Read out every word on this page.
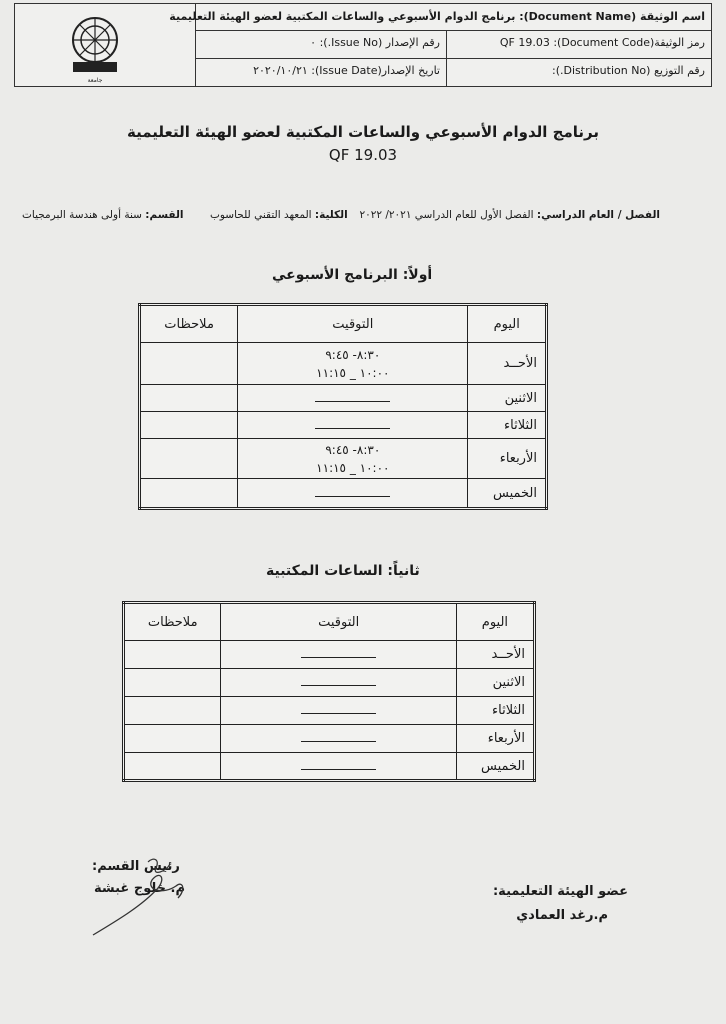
جامعة
اسم الوثيقة (Document Name): برنامج الدوام الأسبوعي والساعات المكتبية لعضو الهيئة التعليمية
رمز الوثيقة(Document Code): QF 19.03
رقم الإصدار (Issue No.): ٠
رقم التوزيع (Distribution No.):
تاريخ الإصدار(Issue Date): ٢٠٢٠/١٠/٢١
برنامج الدوام الأسبوعي والساعات المكتبية لعضو الهيئة التعليمية
QF 19.03
الفصل / العام الدراسي: الفصل الأول للعام الدراسي ٢٠٢١/ ٢٠٢٢
الكلية: المعهد التقني للحاسوب
القسم: سنة أولى هندسة البرمجيات
أولاً: البرنامج الأسبوعي
اليوم	التوقيت	ملاحظات
الأحــد	٨:٣٠- ٩:٤٥
١٠:٠٠ _ ١١:١٥	

الاثنين		
الثلاثاء		
الأربعاء	٨:٣٠- ٩:٤٥
١٠:٠٠ _ ١١:١٥	

الخميس		
ثانياً: الساعات المكتبية
اليوم	التوقيت	ملاحظات
الأحــد		
الاثنين		
الثلاثاء		
الأربعاء		
الخميس		
عضو الهيئة التعليمية:
م.رغد العمادي
رئيس القسم:
م. خلوج غبشة
